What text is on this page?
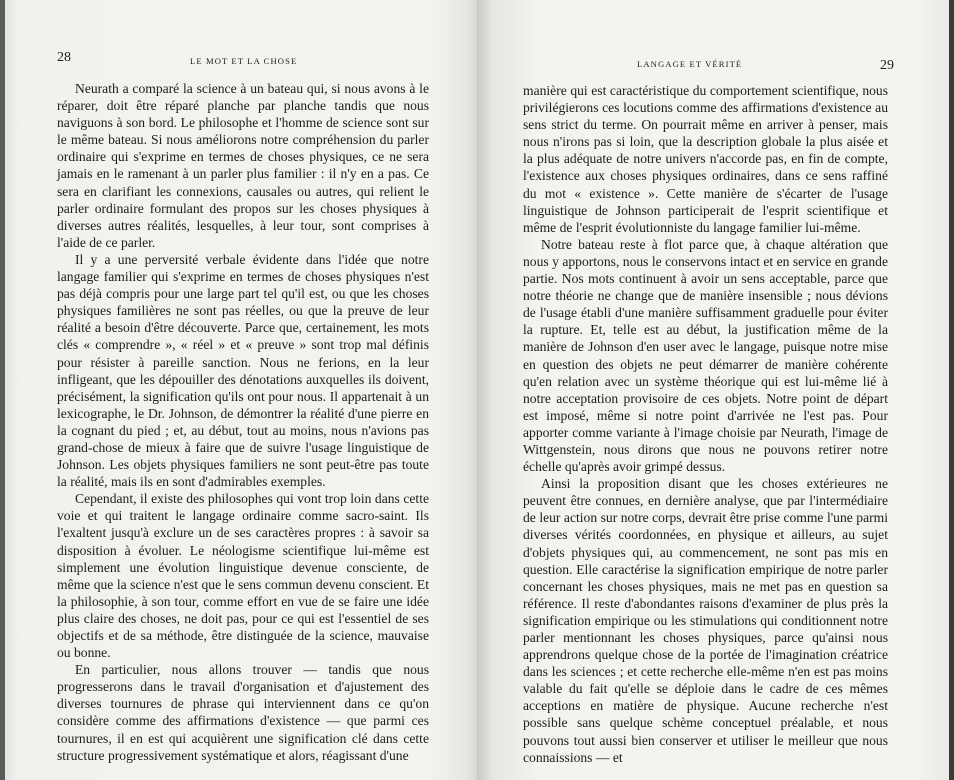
28	LE MOT ET LA CHOSE

Neurath a comparé la science à un bateau qui, si nous avons à le réparer, doit être réparé planche par planche tandis que nous naviguons à son bord. Le philosophe et l'homme de science sont sur le même bateau. Si nous améliorons notre compréhension du parler ordinaire qui s'exprime en termes de choses physiques, ce ne sera jamais en le ramenant à un parler plus familier : il n'y en a pas. Ce sera en clarifiant les connexions, causales ou autres, qui relient le parler ordinaire formulant des propos sur les choses physiques à diverses autres réalités, lesquelles, à leur tour, sont comprises à l'aide de ce parler.

Il y a une perversité verbale évidente dans l'idée que notre langage familier qui s'exprime en termes de choses physiques n'est pas déjà compris pour une large part tel qu'il est, ou que les choses physiques familières ne sont pas réelles, ou que la preuve de leur réalité a besoin d'être découverte. Parce que, certainement, les mots clés « comprendre », « réel » et « preuve » sont trop mal définis pour résister à pareille sanction. Nous ne ferions, en la leur infligeant, que les dépouiller des dénotations auxquelles ils doivent, précisément, la signification qu'ils ont pour nous. Il appartenait à un lexicographe, le Dr. Johnson, de démontrer la réalité d'une pierre en la cognant du pied ; et, au début, tout au moins, nous n'avions pas grand-chose de mieux à faire que de suivre l'usage linguistique de Johnson. Les objets physiques familiers ne sont peut-être pas toute la réalité, mais ils en sont d'admirables exemples.

Cependant, il existe des philosophes qui vont trop loin dans cette voie et qui traitent le langage ordinaire comme sacro-saint. Ils l'exaltent jusqu'à exclure un de ses caractères propres : à savoir sa disposition à évoluer. Le néologisme scientifique lui-même est simplement une évolution linguistique devenue consciente, de même que la science n'est que le sens commun devenu conscient. Et la philosophie, à son tour, comme effort en vue de se faire une idée plus claire des choses, ne doit pas, pour ce qui est l'essentiel de ses objectifs et de sa méthode, être distinguée de la science, mauvaise ou bonne.

En particulier, nous allons trouver — tandis que nous progresserons dans le travail d'organisation et d'ajustement des diverses tournures de phrase qui interviennent dans ce qu'on considère comme des affirmations d'existence — que parmi ces tournures, il en est qui acquièrent une signification clé dans cette structure progressivement systématique et alors, réagissant d'une

LANGAGE ET VÉRITÉ	29

manière qui est caractéristique du comportement scientifique, nous privilégierons ces locutions comme des affirmations d'existence au sens strict du terme. On pourrait même en arriver à penser, mais nous n'irons pas si loin, que la description globale la plus aisée et la plus adéquate de notre univers n'accorde pas, en fin de compte, l'existence aux choses physiques ordinaires, dans ce sens raffiné du mot « existence ». Cette manière de s'écarter de l'usage linguistique de Johnson participerait de l'esprit scientifique et même de l'esprit évolutionniste du langage familier lui-même.

Notre bateau reste à flot parce que, à chaque altération que nous y apportons, nous le conservons intact et en service en grande partie. Nos mots continuent à avoir un sens acceptable, parce que notre théorie ne change que de manière insensible ; nous dévions de l'usage établi d'une manière suffisamment graduelle pour éviter la rupture. Et, telle est au début, la justification même de la manière de Johnson d'en user avec le langage, puisque notre mise en question des objets ne peut démarrer de manière cohérente qu'en relation avec un système théorique qui est lui-même lié à notre acceptation provisoire de ces objets. Notre point de départ est imposé, même si notre point d'arrivée ne l'est pas. Pour apporter comme variante à l'image choisie par Neurath, l'image de Wittgenstein, nous dirons que nous ne pouvons retirer notre échelle qu'après avoir grimpé dessus.

Ainsi la proposition disant que les choses extérieures ne peuvent être connues, en dernière analyse, que par l'intermédiaire de leur action sur notre corps, devrait être prise comme l'une parmi diverses vérités coordonnées, en physique et ailleurs, au sujet d'objets physiques qui, au commencement, ne sont pas mis en question. Elle caractérise la signification empirique de notre parler concernant les choses physiques, mais ne met pas en question sa référence. Il reste d'abondantes raisons d'examiner de plus près la signification empirique ou les stimulations qui conditionnent notre parler mentionnant les choses physiques, parce qu'ainsi nous apprendrons quelque chose de la portée de l'imagination créatrice dans les sciences ; et cette recherche elle-même n'en est pas moins valable du fait qu'elle se déploie dans le cadre de ces mêmes acceptions en matière de physique. Aucune recherche n'est possible sans quelque schème conceptuel préalable, et nous pouvons tout aussi bien conserver et utiliser le meilleur que nous connaissions — et
